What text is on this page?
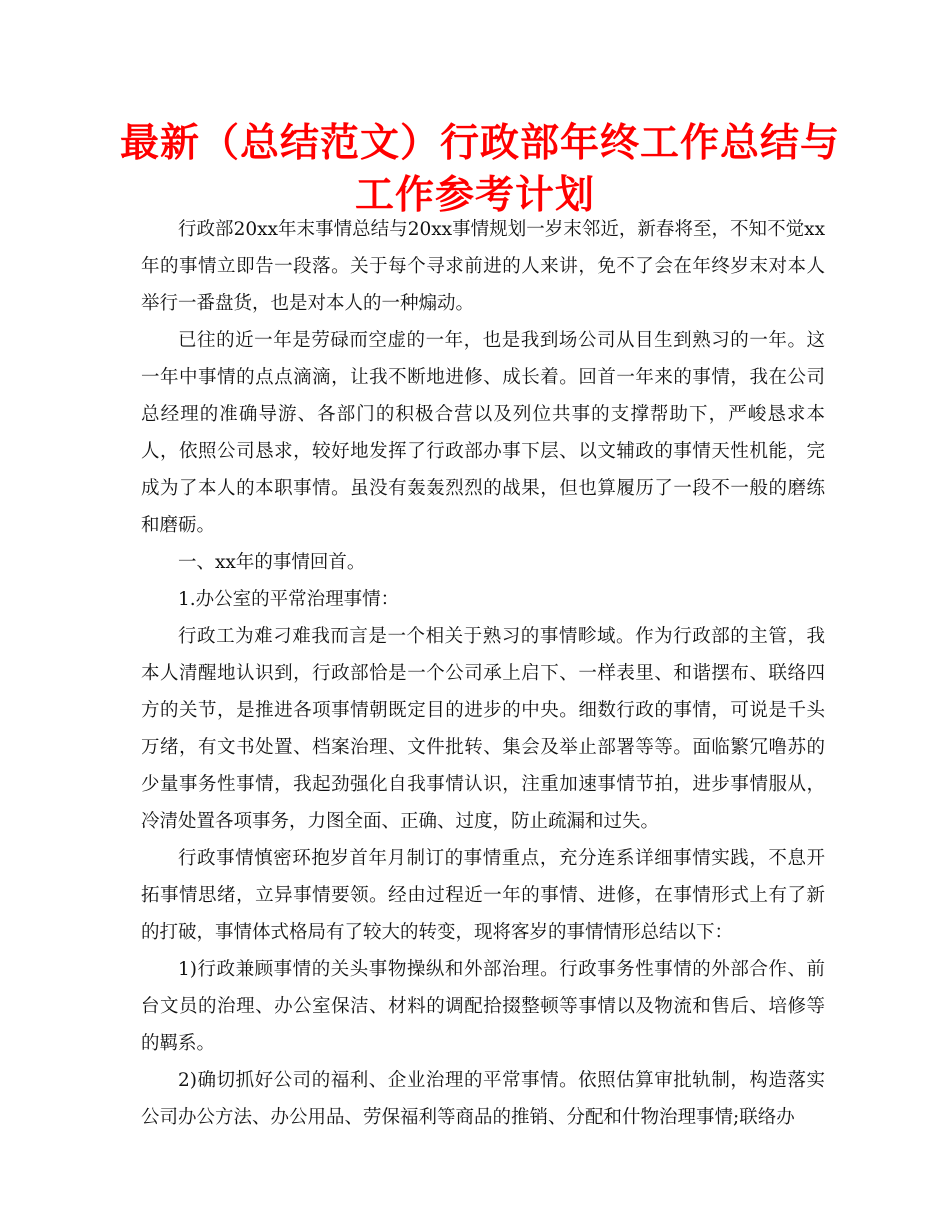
最新（总结范文）行政部年终工作总结与
工作参考计划

行政部20xx年末事情总结与20xx事情规划一岁末邻近，新春将至，不知不觉xx年的事情立即告一段落。关于每个寻求前进的人来讲，免不了会在年终岁末对本人举行一番盘货，也是对本人的一种煽动。

已往的近一年是劳碌而空虚的一年，也是我到场公司从目生到熟习的一年。这一年中事情的点点滴滴，让我不断地进修、成长着。回首一年来的事情，我在公司总经理的准确导游、各部门的积极合营以及列位共事的支撑帮助下，严峻恳求本人，依照公司恳求，较好地发挥了行政部办事下层、以文辅政的事情天性机能，完成为了本人的本职事情。虽没有轰轰烈烈的战果，但也算履历了一段不一般的磨练和磨砺。

一、xx年的事情回首。

1.办公室的平常治理事情：

行政工为难刁难我而言是一个相关于熟习的事情畛域。作为行政部的主管，我本人清醒地认识到，行政部恰是一个公司承上启下、一样表里、和谐摆布、联络四方的关节，是推进各项事情朝既定目的进步的中央。细数行政的事情，可说是千头万绪，有文书处置、档案治理、文件批转、集会及举止部署等等。面临繁冗噜苏的少量事务性事情，我起劲强化自我事情认识，注重加速事情节拍，进步事情服从，冷清处置各项事务，力图全面、正确、过度，防止疏漏和过失。

行政事情慎密环抱岁首年月制订的事情重点，充分连系详细事情实践，不息开拓事情思绪，立异事情要领。经由过程近一年的事情、进修，在事情形式上有了新的打破，事情体式格局有了较大的转变，现将客岁的事情情形总结以下：

1)行政兼顾事情的关头事物操纵和外部治理。行政事务性事情的外部合作、前台文员的治理、办公室保洁、材料的调配拾掇整顿等事情以及物流和售后、培修等的羁系。

2)确切抓好公司的福利、企业治理的平常事情。依照估算审批轨制，构造落实公司办公方法、办公用品、劳保福利等商品的推销、分配和什物治理事情;联络办
